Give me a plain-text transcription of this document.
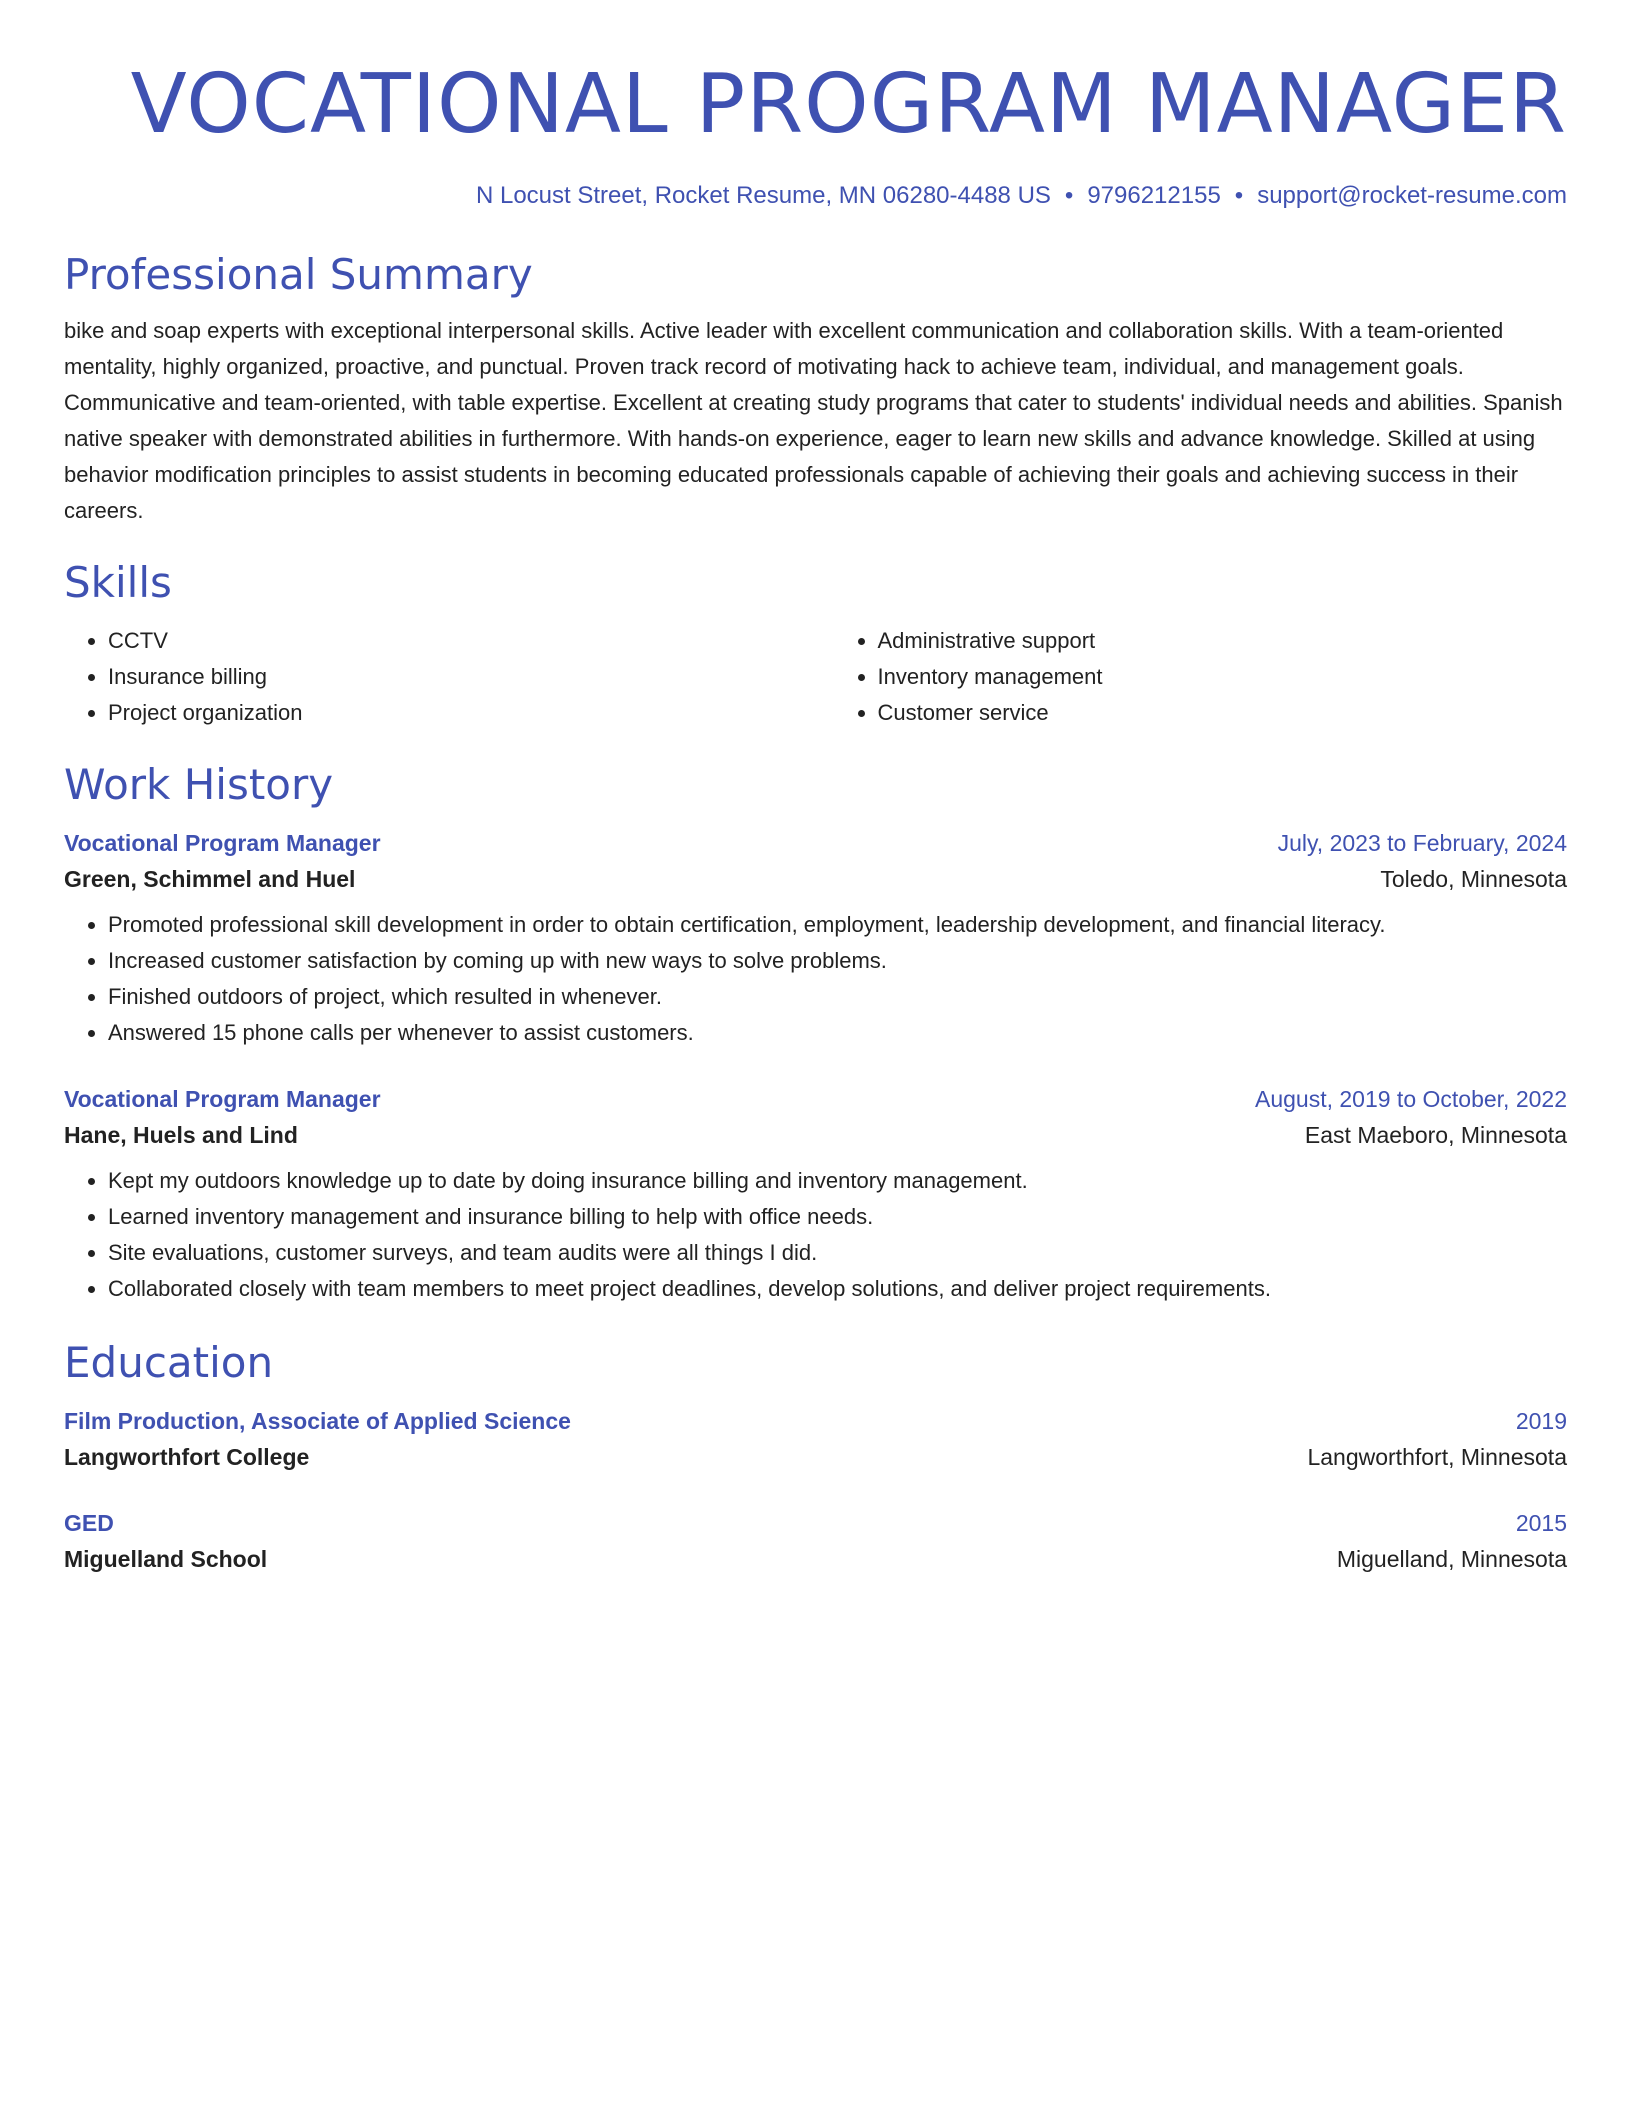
VOCATIONAL PROGRAM MANAGER
N Locust Street, Rocket Resume, MN 06280-4488 US • 9796212155 • support@rocket-resume.com
Professional Summary
bike and soap experts with exceptional interpersonal skills. Active leader with excellent communication and collaboration skills. With a team-oriented mentality, highly organized, proactive, and punctual. Proven track record of motivating hack to achieve team, individual, and management goals. Communicative and team-oriented, with table expertise. Excellent at creating study programs that cater to students' individual needs and abilities. Spanish native speaker with demonstrated abilities in furthermore. With hands-on experience, eager to learn new skills and advance knowledge. Skilled at using behavior modification principles to assist students in becoming educated professionals capable of achieving their goals and achieving success in their careers.
Skills
• CCTV
• Insurance billing
• Project organization
• Administrative support
• Inventory management
• Customer service
Work History
Vocational Program Manager	July, 2023 to February, 2024
Green, Schimmel and Huel	Toledo, Minnesota
• Promoted professional skill development in order to obtain certification, employment, leadership development, and financial literacy.
• Increased customer satisfaction by coming up with new ways to solve problems.
• Finished outdoors of project, which resulted in whenever.
• Answered 15 phone calls per whenever to assist customers.
Vocational Program Manager	August, 2019 to October, 2022
Hane, Huels and Lind	East Maeboro, Minnesota
• Kept my outdoors knowledge up to date by doing insurance billing and inventory management.
• Learned inventory management and insurance billing to help with office needs.
• Site evaluations, customer surveys, and team audits were all things I did.
• Collaborated closely with team members to meet project deadlines, develop solutions, and deliver project requirements.
Education
Film Production, Associate of Applied Science	2019
Langworthfort College	Langworthfort, Minnesota
GED	2015
Miguelland School	Miguelland, Minnesota
